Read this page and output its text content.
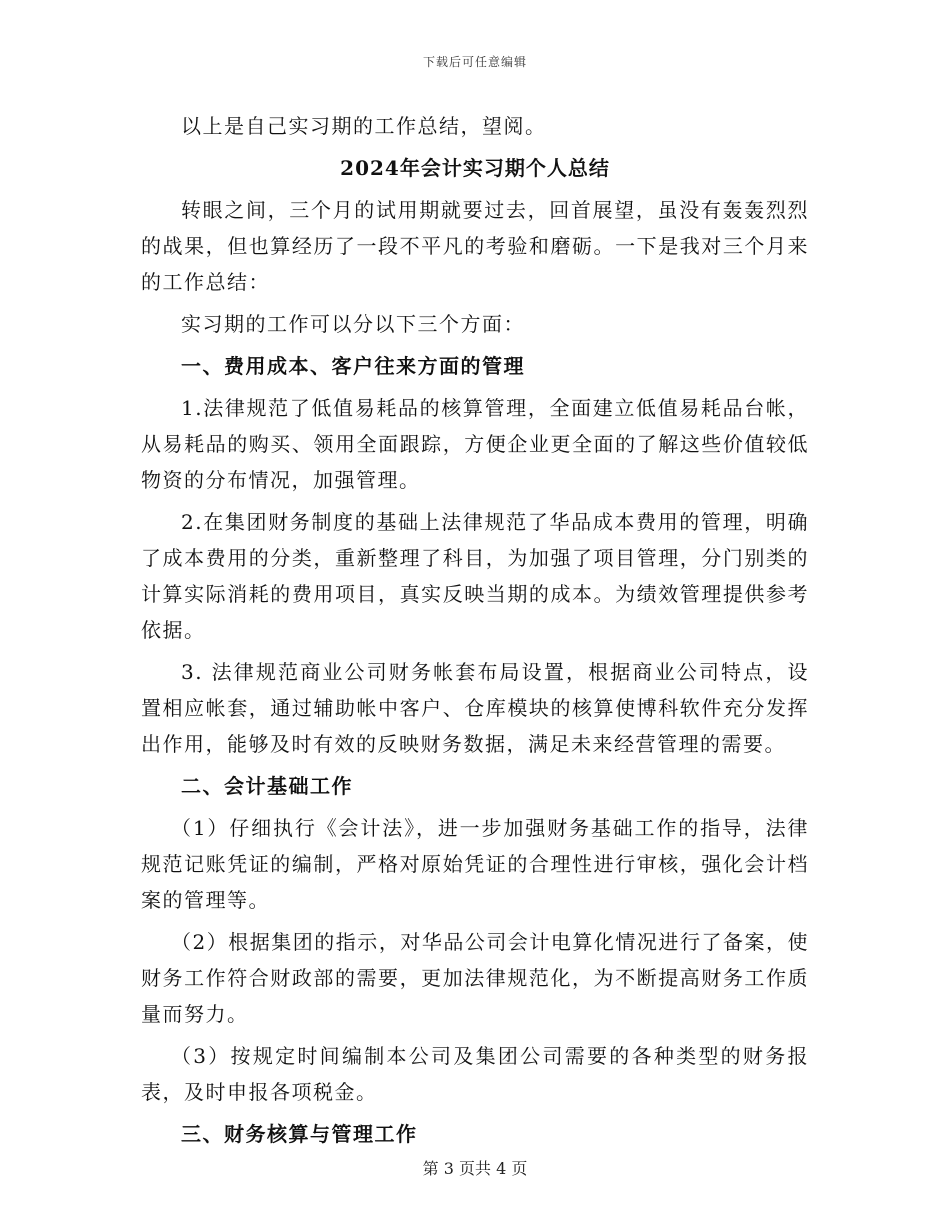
下载后可任意编辑

以上是自己实习期的工作总结，望阅。

2024年会计实习期个人总结

转眼之间，三个月的试用期就要过去，回首展望，虽没有轰轰烈烈的战果，但也算经历了一段不平凡的考验和磨砺。一下是我对三个月来的工作总结：

实习期的工作可以分以下三个方面：

一、费用成本、客户往来方面的管理

1.法律规范了低值易耗品的核算管理，全面建立低值易耗品台帐，从易耗品的购买、领用全面跟踪，方便企业更全面的了解这些价值较低物资的分布情况，加强管理。

2.在集团财务制度的基础上法律规范了华品成本费用的管理，明确了成本费用的分类，重新整理了科目，为加强了项目管理，分门别类的计算实际消耗的费用项目，真实反映当期的成本。为绩效管理提供参考依据。

3. 法律规范商业公司财务帐套布局设置，根据商业公司特点，设置相应帐套，通过辅助帐中客户、仓库模块的核算使博科软件充分发挥出作用，能够及时有效的反映财务数据，满足未来经营管理的需要。

二、会计基础工作

（1）仔细执行《会计法》，进一步加强财务基础工作的指导，法律规范记账凭证的编制，严格对原始凭证的合理性进行审核，强化会计档案的管理等。

（2）根据集团的指示，对华品公司会计电算化情况进行了备案，使财务工作符合财政部的需要，更加法律规范化，为不断提高财务工作质量而努力。

（3）按规定时间编制本公司及集团公司需要的各种类型的财务报表，及时申报各项税金。

三、财务核算与管理工作

第 3 页共 4 页
